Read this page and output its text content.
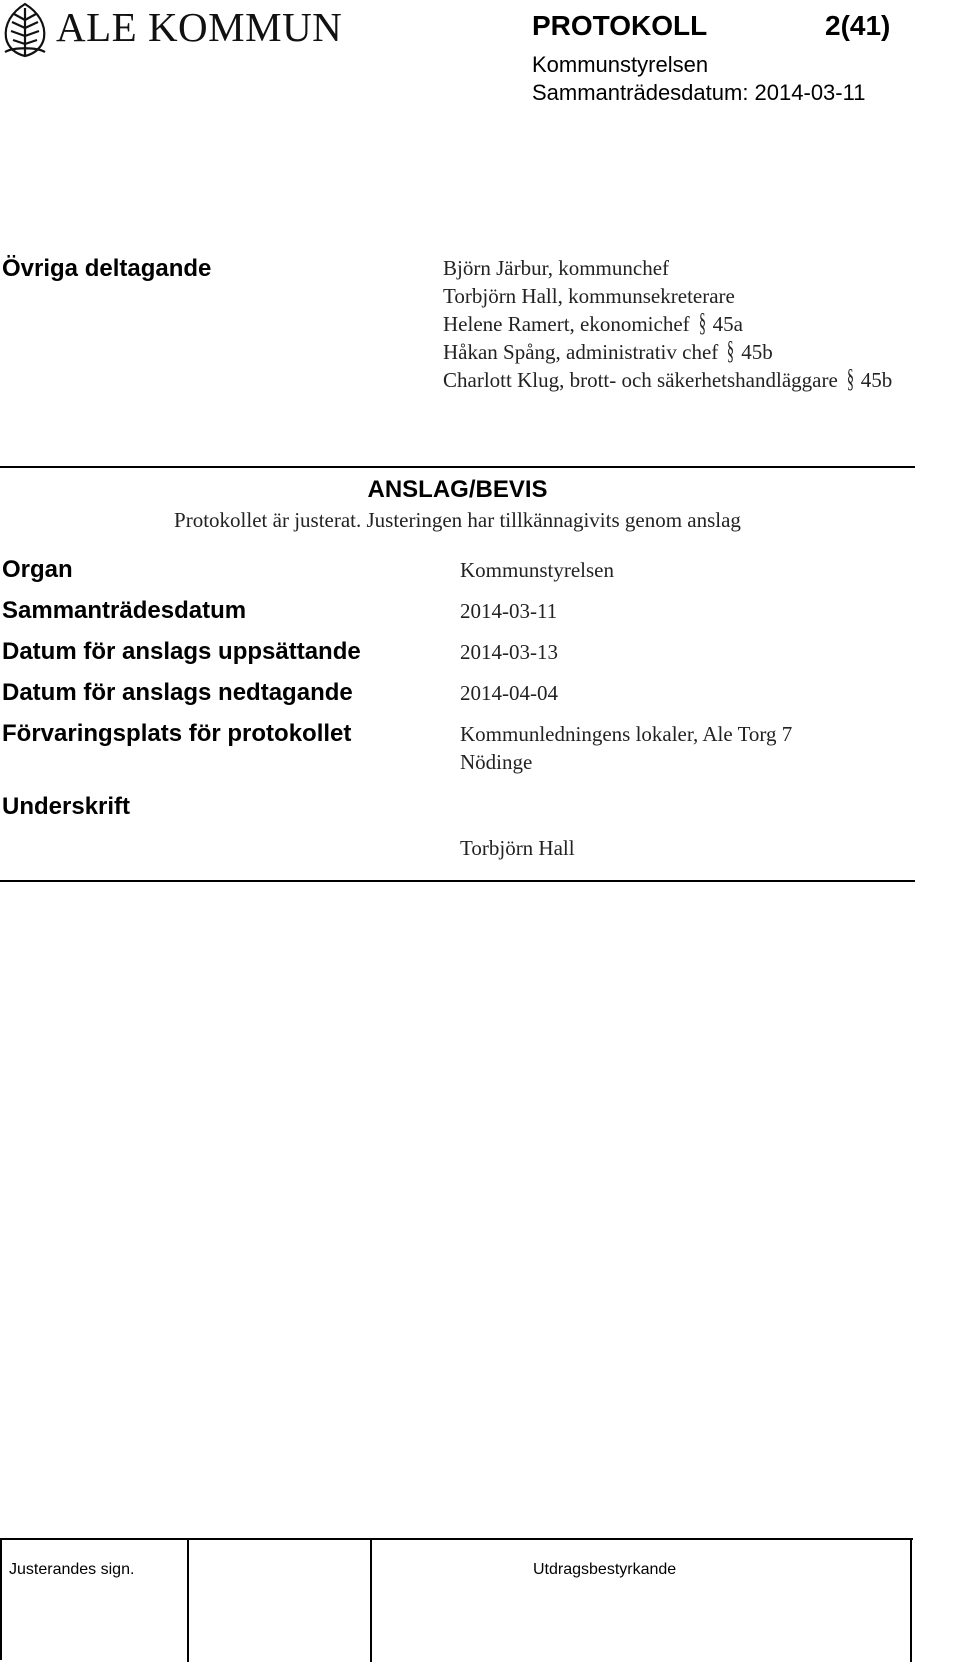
ALE KOMMUN	PROTOKOLL	2(41)
Kommunstyrelsen
Sammanträdesdatum: 2014-03-11
Övriga deltagande	Björn Järbur, kommunchef
Torbjörn Hall, kommunsekreterare
Helene Ramert, ekonomichef § 45a
Håkan Spång, administrativ chef § 45b
Charlott Klug, brott- och säkerhetshandläggare § 45b
ANSLAG/BEVIS
Protokollet är justerat. Justeringen har tillkännagivits genom anslag
Organ	Kommunstyrelsen
Sammanträdesdatum	2014-03-11
Datum för anslags uppsättande	2014-03-13
Datum för anslags nedtagande	2014-04-04
Förvaringsplats för protokollet	Kommunledningens lokaler, Ale Torg 7
Nödinge
Underskrift
Torbjörn Hall
Justerandes sign.	Utdragsbestyrkande
